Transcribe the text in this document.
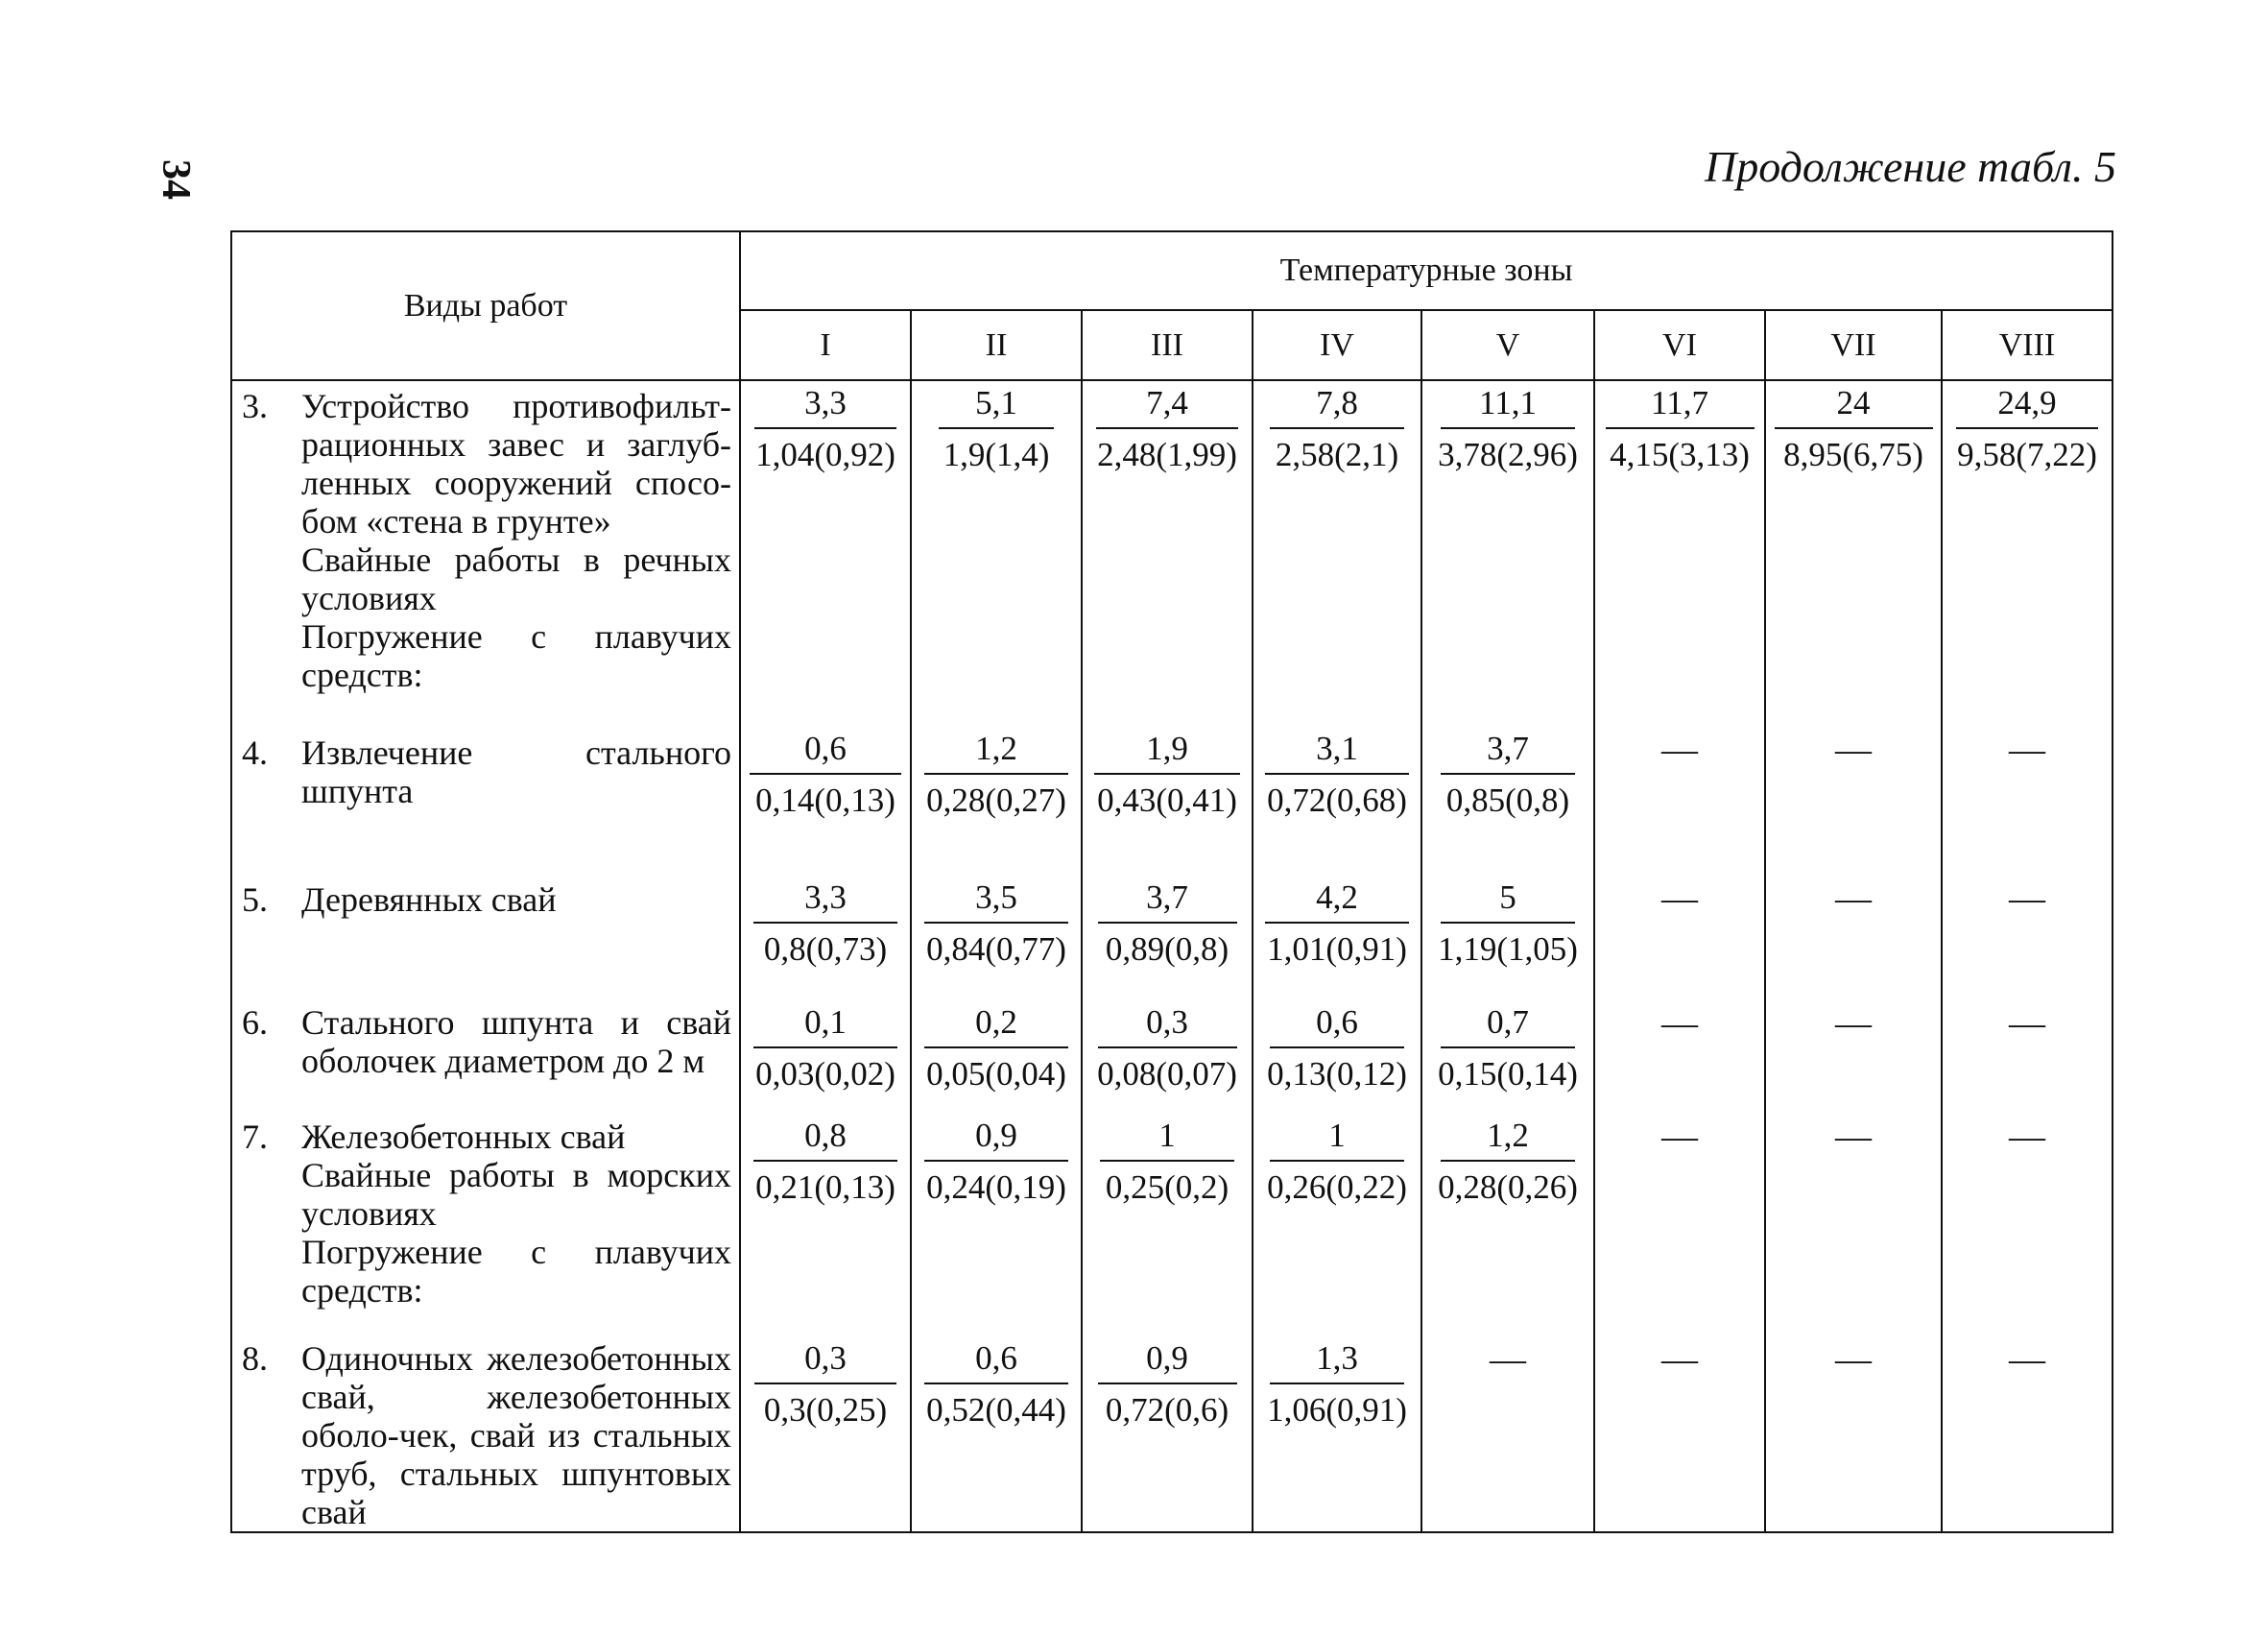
34	Продолжение табл. 5
Виды работ	Температурные зоны							
	I	II	III	IV	V	VI	VII	VIII

3. Устройство противофильт-рационных завес и заглуб-ленных сооружений спосо-бом «стена в грунте»
Свайные работы в речных условиях
Погружение с плавучих средств:	$\frac{3,3}{1,04(0,92)}$	$\frac{5,1}{1,9(1,4)}$	$\frac{7,4}{2,48(1,99)}$	$\frac{7,8}{2,58(2,1)}$	$\frac{11,1}{3,78(2,96)}$	$\frac{11,7}{4,15(3,13)}$	$\frac{24}{8,95(6,75)}$	$\frac{24,9}{9,58(7,22)}$

4. Извлечение стального шпунта	$\frac{0,6}{0,14(0,13)}$	$\frac{1,2}{0,28(0,27)}$	$\frac{1,9}{0,43(0,41)}$	$\frac{3,1}{0,72(0,68)}$	$\frac{3,7}{0,85(0,8)}$	—	—	—

5. Деревянных свай	$\frac{3,3}{0,8(0,73)}$	$\frac{3,5}{0,84(0,77)}$	$\frac{3,7}{0,89(0,8)}$	$\frac{4,2}{1,01(0,91)}$	$\frac{5}{1,19(1,05)}$	—	—	—

6. Стального шпунта и свай оболочек диаметром до 2 м	$\frac{0,1}{0,03(0,02)}$	$\frac{0,2}{0,05(0,04)}$	$\frac{0,3}{0,08(0,07)}$	$\frac{0,6}{0,13(0,12)}$	$\frac{0,7}{0,15(0,14)}$	—	—	—

7. Железобетонных свай
Свайные работы в морских условиях
Погружение с плавучих средств:	$\frac{0,8}{0,21(0,13)}$	$\frac{0,9}{0,24(0,19)}$	$\frac{1}{0,25(0,2)}$	$\frac{1}{0,26(0,22)}$	$\frac{1,2}{0,28(0,26)}$	—	—	—

8. Одиночных железобетонных свай, железобетонных оболо-чек, свай из стальных труб, стальных шпунтовых свай	$\frac{0,3}{0,3(0,25)}$	$\frac{0,6}{0,52(0,44)}$	$\frac{0,9}{0,72(0,6)}$	$\frac{1,3}{1,06(0,91)}$	—	—	—	—
